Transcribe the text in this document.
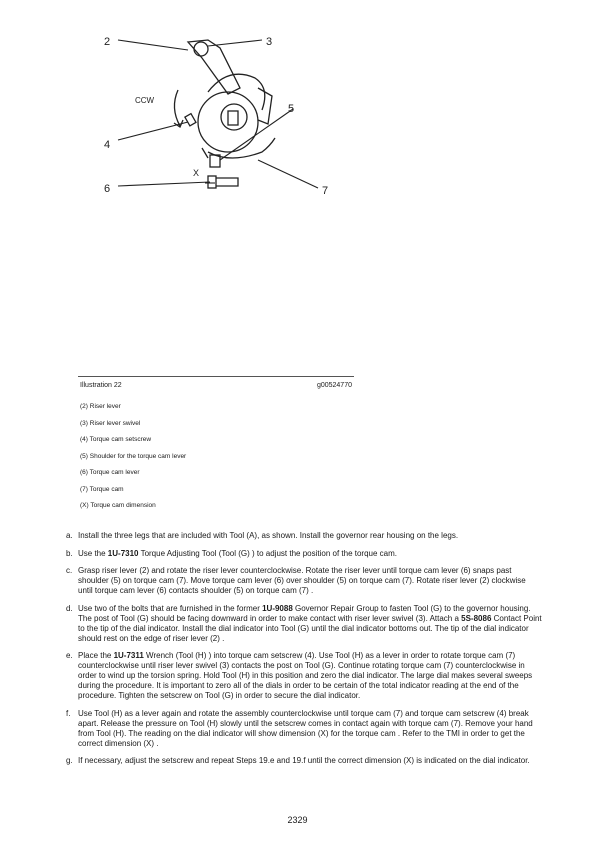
2	3
CCW
4
5
X
6	7
Illustration 22	g00524770
(2) Riser lever
(3) Riser lever swivel
(4) Torque cam setscrew
(5) Shoulder for the torque cam lever
(6) Torque cam lever
(7) Torque cam
(X) Torque cam dimension
a. Install the three legs that are included with Tool (A), as shown. Install the governor rear housing on the legs.
b. Use the 1U-7310 Torque Adjusting Tool (Tool (G) ) to adjust the position of the torque cam.
c. Grasp riser lever (2) and rotate the riser lever counterclockwise. Rotate the riser lever until torque cam lever (6) snaps past shoulder (5) on torque cam (7). Move torque cam lever (6) over shoulder (5) on torque cam (7). Rotate riser lever (2) clockwise until torque cam lever (6) contacts shoulder (5) on torque cam (7) .
d. Use two of the bolts that are furnished in the former 1U-9088 Governor Repair Group to fasten Tool (G) to the governor housing. The post of Tool (G) should be facing downward in order to make contact with riser lever swivel (3). Attach a 5S-8086 Contact Point to the tip of the dial indicator. Install the dial indicator into Tool (G) until the dial indicator bottoms out. The tip of the dial indicator should rest on the edge of riser lever (2) .
e. Place the 1U-7311 Wrench (Tool (H) ) into torque cam setscrew (4). Use Tool (H) as a lever in order to rotate torque cam (7) counterclockwise until riser lever swivel (3) contacts the post on Tool (G). Continue rotating torque cam (7) counterclockwise in order to wind up the torsion spring. Hold Tool (H) in this position and zero the dial indicator. The large dial makes several sweeps during the procedure. It is important to zero all of the dials in order to be certain of the total indicator reading at the end of the procedure. Tighten the setscrew on Tool (G) in order to secure the dial indicator.
f. Use Tool (H) as a lever again and rotate the assembly counterclockwise until torque cam (7) and torque cam setscrew (4) break apart. Release the pressure on Tool (H) slowly until the setscrew comes in contact again with torque cam (7). Remove your hand from Tool (H). The reading on the dial indicator will show dimension (X) for the torque cam . Refer to the TMI in order to get the correct dimension (X) .
g. If necessary, adjust the setscrew and repeat Steps 19.e and 19.f until the correct dimension (X) is indicated on the dial indicator.
2329
